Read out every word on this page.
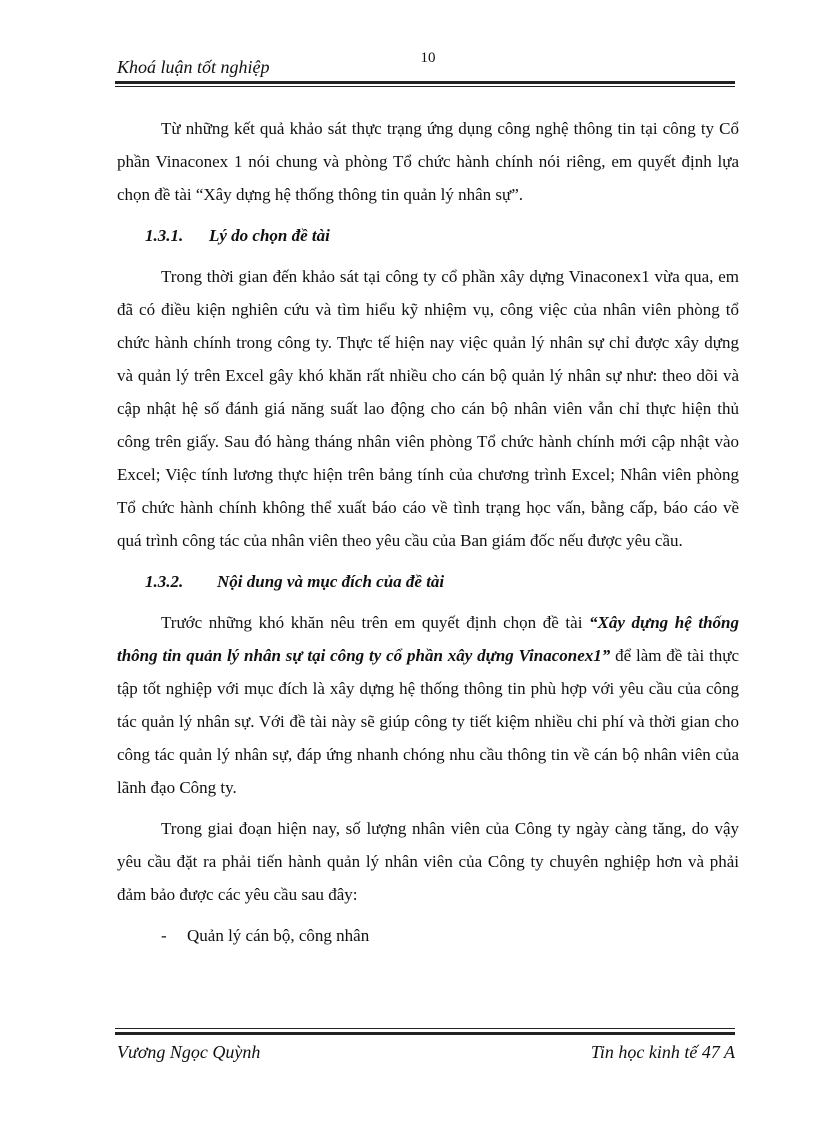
10
Khoá luận tốt nghiệp

Từ những kết quả khảo sát thực trạng ứng dụng công nghệ thông tin tại công ty Cổ phần Vinaconex 1 nói chung và phòng Tổ chức hành chính nói riêng, em quyết định lựa chọn đề tài “Xây dựng hệ thống thông tin quản lý nhân sự”.

1.3.1.	Lý do chọn đề tài

Trong thời gian đến khảo sát tại công ty cổ phần xây dựng Vinaconex1 vừa qua, em đã có điều kiện nghiên cứu và tìm hiểu kỹ nhiệm vụ, công việc của nhân viên phòng tổ chức hành chính trong công ty. Thực tế hiện nay việc quản lý nhân sự chỉ được xây dựng và quản lý trên Excel gây khó khăn rất nhiều cho cán bộ quản lý nhân sự như: theo dõi và cập nhật hệ số đánh giá năng suất lao động cho cán bộ nhân viên vẫn chỉ thực hiện thủ công trên giấy. Sau đó hàng tháng nhân viên phòng Tổ chức hành chính mới cập nhật vào Excel; Việc tính lương thực hiện trên bảng tính của chương trình Excel; Nhân viên phòng Tổ chức hành chính không thể xuất báo cáo về tình trạng học vấn, bằng cấp, báo cáo về quá trình công tác của nhân viên theo yêu cầu của Ban giám đốc nếu được yêu cầu.

1.3.2.	Nội dung và mục đích của đề tài

Trước những khó khăn nêu trên em quyết định chọn đề tài “Xây dựng hệ thống thông tin quản lý nhân sự tại công ty cổ phần xây dựng Vinaconex1” để làm đề tài thực tập tốt nghiệp với mục đích là xây dựng hệ thống thông tin phù hợp với yêu cầu của công tác quản lý nhân sự. Với đề tài này sẽ giúp công ty tiết kiệm nhiều chi phí và thời gian cho công tác quản lý nhân sự, đáp ứng nhanh chóng nhu cầu thông tin về cán bộ nhân viên của lãnh đạo Công ty.

Trong giai đoạn hiện nay, số lượng nhân viên của Công ty ngày càng tăng, do vậy yêu cầu đặt ra phải tiến hành quản lý nhân viên của Công ty chuyên nghiệp hơn và phải đảm bảo được các yêu cầu sau đây:

-	Quản lý cán bộ, công nhân
Vương Ngọc Quỳnh	Tin học kinh tế 47 A
